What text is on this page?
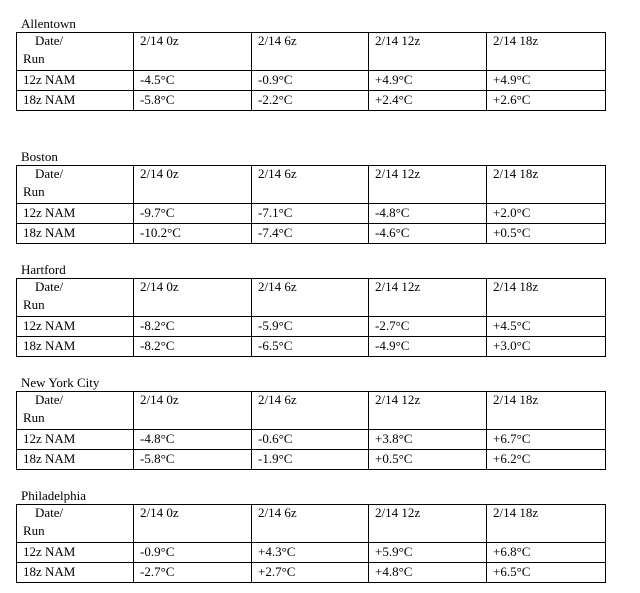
Allentown
Date/
Run	2/14 0z	2/14 6z	2/14 12z	2/14 18z
12z NAM	-4.5°C	-0.9°C	+4.9°C	+4.9°C
18z NAM	-5.8°C	-2.2°C	+2.4°C	+2.6°C
Boston
Date/
Run	2/14 0z	2/14 6z	2/14 12z	2/14 18z
12z NAM	-9.7°C	-7.1°C	-4.8°C	+2.0°C
18z NAM	-10.2°C	-7.4°C	-4.6°C	+0.5°C
Hartford
Date/
Run	2/14 0z	2/14 6z	2/14 12z	2/14 18z
12z NAM	-8.2°C	-5.9°C	-2.7°C	+4.5°C
18z NAM	-8.2°C	-6.5°C	-4.9°C	+3.0°C
New York City
Date/
Run	2/14 0z	2/14 6z	2/14 12z	2/14 18z
12z NAM	-4.8°C	-0.6°C	+3.8°C	+6.7°C
18z NAM	-5.8°C	-1.9°C	+0.5°C	+6.2°C
Philadelphia
Date/
Run	2/14 0z	2/14 6z	2/14 12z	2/14 18z
12z NAM	-0.9°C	+4.3°C	+5.9°C	+6.8°C
18z NAM	-2.7°C	+2.7°C	+4.8°C	+6.5°C
